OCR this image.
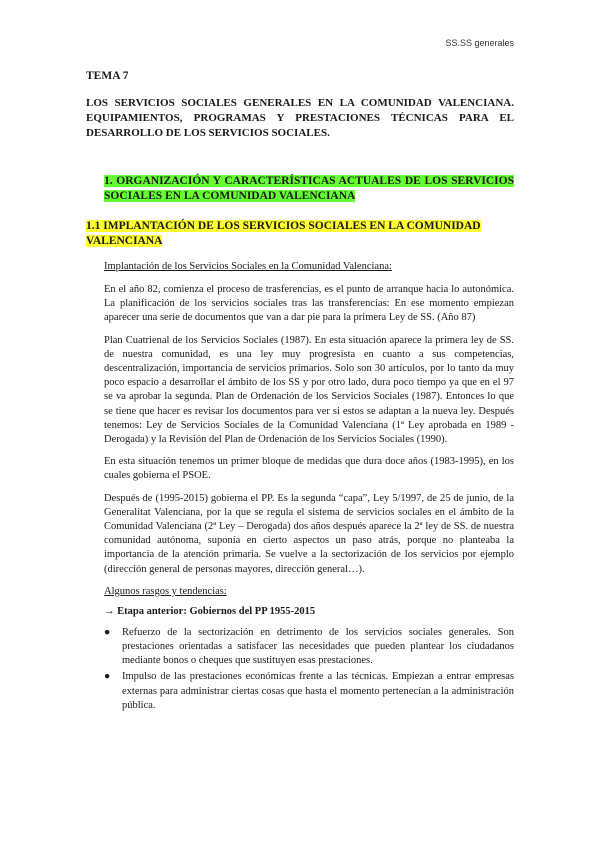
SS.SS generales
TEMA 7
LOS SERVICIOS SOCIALES GENERALES EN LA COMUNIDAD VALENCIANA. EQUIPAMIENTOS, PROGRAMAS Y PRESTACIONES TÉCNICAS PARA EL DESARROLLO DE LOS SERVICIOS SOCIALES.
1. ORGANIZACIÓN Y CARACTERÍSTICAS ACTUALES DE LOS SERVICIOS SOCIALES EN LA COMUNIDAD VALENCIANA
1.1 IMPLANTACIÓN DE LOS SERVICIOS SOCIALES EN LA COMUNIDAD VALENCIANA
Implantación de los Servicios Sociales en la Comunidad Valenciana:

En el año 82, comienza el proceso de trasferencias, es el punto de arranque hacia lo autonómica. La planificación de los servicios sociales tras las transferencias: En ese momento empiezan aparecer una serie de documentos que van a dar pie para la primera Ley de SS. (Año 87)

Plan Cuatrienal de los Servicios Sociales (1987). En esta situación aparece la primera ley de SS. de nuestra comunidad, es una ley muy progresista en cuanto a sus competencias, descentralización, importancia de servicios primarios. Solo son 30 artículos, por lo tanto da muy poco espacio a desarrollar el ámbito de los SS y por otro lado, dura poco tiempo ya que en el 97 se va aprobar la segunda. Plan de Ordenación de los Servicios Sociales (1987). Entonces lo que se tiene que hacer es revisar los documentos para ver si estos se adaptan a la nueva ley. Después tenemos: Ley de Servicios Sociales de la Comunidad Valenciana (1ª Ley aprobada en 1989 - Derogada) y la Revisión del Plan de Ordenación de los Servicios Sociales (1990).

En esta situación tenemos un primer bloque de medidas que dura doce años (1983-1995), en los cuales gobierna el PSOE.

Después de (1995-2015) gobierna el PP. Es la segunda “capa”, Ley 5/1997, de 25 de junio, de la Generalitat Valenciana, por la que se regula el sistema de servicios sociales en el ámbito de la Comunidad Valenciana (2ª Ley – Derogada) dos años después aparece la 2ª ley de SS. de nuestra comunidad autónoma, suponía en cierto aspectos un paso atrás, porque no planteaba la importancia de la atención primaria. Se vuelve a la sectorización de los servicios por ejemplo (dirección general de personas mayores, dirección general…).

Algunos rasgos y tendencias:
→ Etapa anterior: Gobiernos del PP 1955-2015
● Refuerzo de la sectorización en detrimento de los servicios sociales generales. Son prestaciones orientadas a satisfacer las necesidades que pueden plantear los ciudadanos mediante bonos o cheques que sustituyen esas prestaciones.
● Impulso de las prestaciones económicas frente a las técnicas. Empiezan a entrar empresas externas para administrar ciertas cosas que hasta el momento pertenecían a la administración pública.
